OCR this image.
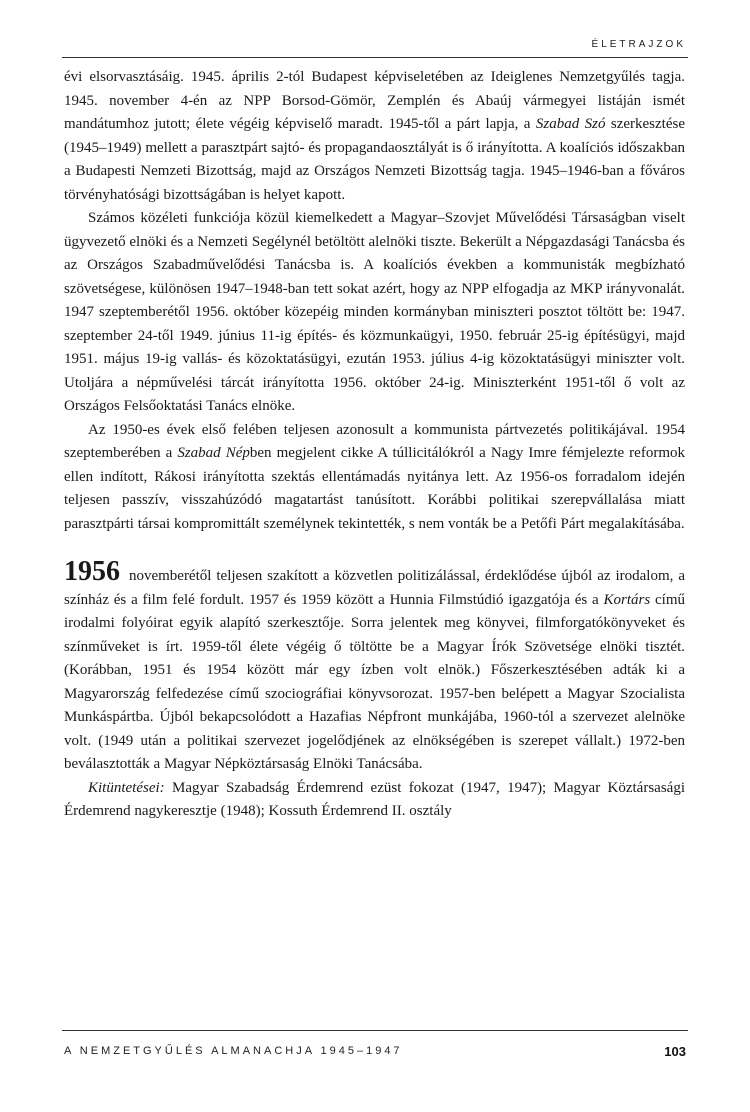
ÉLETRAJZOK

évi elsorvasztásáig. 1945. április 2-tól Budapest képviseletében az Ideiglenes Nemzetgyűlés tagja. 1945. november 4-én az NPP Borsod-Gömör, Zemplén és Abaúj vármegyei listáján ismét mandátumhoz jutott; élete végéig képviselő maradt. 1945-től a párt lapja, a Szabad Szó szerkesztése (1945–1949) mellett a parasztpárt sajtó- és propagandaosztályát is ő irányította. A koalíciós időszakban a Budapesti Nemzeti Bizottság, majd az Országos Nemzeti Bizottság tagja. 1945–1946-ban a főváros törvényhatósági bizottságában is helyet kapott.

Számos közéleti funkciója közül kiemelkedett a Magyar–Szovjet Művelődési Társaságban viselt ügyvezető elnöki és a Nemzeti Segélynél betöltött alelnöki tiszte. Bekerült a Népgazdasági Tanácsba és az Országos Szabadművelődési Tanácsba is. A koalíciós években a kommunisták megbízható szövetségese, különösen 1947–1948-ban tett sokat azért, hogy az NPP elfogadja az MKP irányvonalát. 1947 szeptemberétől 1956. október közepéig minden kormányban miniszteri posztot töltött be: 1947. szeptember 24-től 1949. június 11-ig építés- és közmunkaügyi, 1950. február 25-ig építésügyi, majd 1951. május 19-ig vallás- és közoktatásügyi, ezután 1953. július 4-ig közoktatásügyi miniszter volt. Utoljára a népművelési tárcát irányította 1956. október 24-ig. Miniszterként 1951-től ő volt az Országos Felsőoktatási Tanács elnöke.

Az 1950-es évek első felében teljesen azonosult a kommunista pártvezetés politikájával. 1954 szeptemberében a Szabad Népben megjelent cikke A túllicitálókról a Nagy Imre fémjelezte reformok ellen indított, Rákosi irányította szektás ellentámadás nyitánya lett. Az 1956-os forradalom idején teljesen passzív, visszahúzódó magatartást tanúsított. Korábbi politikai szerepvállalása miatt parasztpárti társai kompromittált személynek tekintették, s nem vonták be a Petőfi Párt megalakításába.

1956 novemberétől teljesen szakított a közvetlen politizálással, érdeklődése újból az irodalom, a színház és a film felé fordult. 1957 és 1959 között a Hunnia Filmstúdió igazgatója és a Kortárs című irodalmi folyóirat egyik alapító szerkesztője. Sorra jelentek meg könyvei, filmforgatókönyveket és színműveket is írt. 1959-től élete végéig ő töltötte be a Magyar Írók Szövetsége elnöki tisztét. (Korábban, 1951 és 1954 között már egy ízben volt elnök.) Főszerkesztésében adták ki a Magyarország felfedezése című szociográfiai könyvsorozat. 1957-ben belépett a Magyar Szocialista Munkáspártba. Újból bekapcsolódott a Hazafias Népfront munkájába, 1960-tól a szervezet alelnöke volt. (1949 után a politikai szervezet jogelődjének az elnökségében is szerepet vállalt.) 1972-ben beválasztották a Magyar Népköztársaság Elnöki Tanácsába.

Kitüntetései: Magyar Szabadság Érdemrend ezüst fokozat (1947, 1947); Magyar Köztársasági Érdemrend nagykeresztje (1948); Kossuth Érdemrend II. osztály

A NEMZETGYŰLÉS ALMANACHJA 1945–1947	103
